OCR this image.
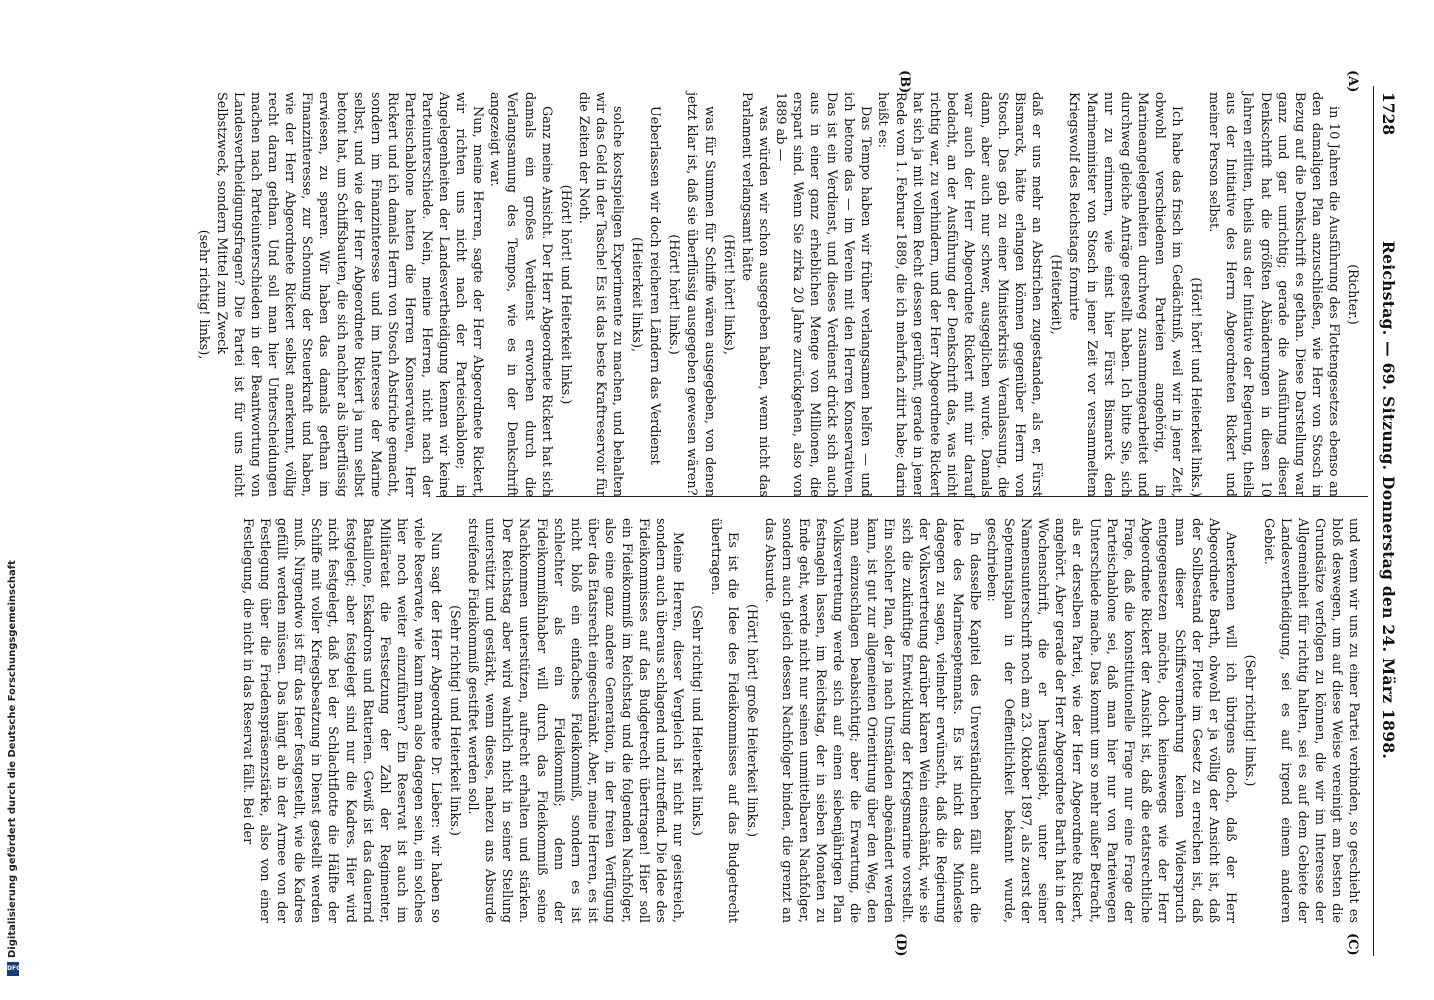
1728
Reichstag. — 69. Sitzung. Donnerstag den 24. März 1898.
(A)
(B)
(C)
(D)

(Richter.)

in 10 Jahren die Ausführung des Flottengesetzes ebenso an den damaligen Plan anzuschließen, wie Herr von Stosch in Bezug auf die Denkschrift es gethan. Diese Darstellung war ganz und gar unrichtig; gerade die Ausführung dieser Denkschrift hat die größten Abänderungen in diesen 10 Jahren erlitten, theils aus der Initiative der Regierung, theils aus der Initiative des Herrn Abgeordneten Rickert und meiner Person selbst.

(Hört! hört! und Heiterkeit links.)

Ich habe das frisch im Gedächtniß, weil wir in jener Zeit, obwohl verschiedenen Parteien angehörig, in Marineangelegenheiten durchweg zusammengearbeitet und durchweg gleiche Anträge gestellt haben. Ich bitte Sie, sich nur zu erinnern, wie einst hier Fürst Bismarck den Marineminister von Stosch in jener Zeit vor versammeltem Kriegswolf des Reichstags formirte

(Heiterkeit),

daß er uns mehr an Abstrichen zugestanden, als er, Fürst Bismarck, hätte erlangen können gegenüber Herrn von Stosch. Das gab zu einer Ministerkrisis Veranlassung, die dann, aber auch nur schwer, ausgeglichen wurde. Damals war auch der Herr Abgeordnete Rickert mit mir darauf bedacht, an der Ausführung der Denkschrift das, was nicht richtig war, zu verhindern, und der Herr Abgeordnete Rickert hat sich ja mit vollem Recht dessen gerühmt, gerade in jener Rede vom 1. Februar 1889, die ich mehrfach zitirt habe; darin heißt es:

Das Tempo haben wir früher verlangsamen helfen — und ich betone das — im Verein mit den Herren Konservativen. Das ist ein Verdienst, und dieses Verdienst drückt sich auch aus in einer ganz erheblichen Menge von Millionen, die erspart sind. Wenn Sie zirka 20 Jahre zurückgehen, also von 1889 ab —

was würden wir schon ausgegeben haben, wenn nicht das Parlament verlangsamt hätte

(Hört! hört! links),

was für Summen für Schiffe wären ausgegeben, von denen jetzt klar ist, daß sie überflüssig ausgegeben gewesen wären?

(Hört! hört! links.)

Ueberlassen wir doch reicheren Ländern das Verdienst

(Heiterkeit links),

solche kostspieligen Experimente zu machen, und behalten wir das Geld in der Tasche! Es ist das beste Kraftreservoir für die Zeiten der Noth.

(Hört! hört! und Heiterkeit links.)

Ganz meine Ansicht. Der Herr Abgeordnete Rickert hat sich damals ein großes Verdienst erworben durch die Verlangsamung des Tempos, wie es in der Denkschrift angezeigt war.

Nun, meine Herren, sagte der Herr Abgeordnete Rickert, wir richten uns nicht nach der Parteischablone; in Angelegenheiten der Landesvertheidigung kennen wir keine Parteiunterschiede. Nein, meine Herren, nicht nach der Parteischablone hatten die Herren Konservativen, Herr Rickert und ich damals Herrn von Stosch Abstriche gemacht, sondern im Finanzinteresse und im Interesse der Marine selbst, und wie der Herr Abgeordnete Rickert ja nun selbst betont hat, um Schiffsbauten, die sich nachher als überflüssig erwiesen, zu sparen. Wir haben das damals gethan im Finanzinteresse, zur Schonung der Steuerkraft und haben, wie der Herr Abgeordnete Rickert selbst anerkennt, völlig recht daran gethan. Und soll man hier Unterscheidungen machen nach Parteiunterschieden in der Beantwortung von Landesvertheidigungsfragen? Die Partei ist für uns nicht Selbstzweck, sondern Mittel zum Zweck

(sehr richtig! links),

und wenn wir uns zu einer Partei verbinden, so geschieht es bloß deswegen, um auf diese Weise vereinigt am besten die Grundsätze verfolgen zu können, die wir im Interesse der Allgemeinheit für richtig halten, sei es auf dem Gebiete der Landesvertheidigung, sei es auf irgend einem anderen Gebiet.

(Sehr richtig! links.)

Anerkennen will ich übrigens doch, daß der Herr Abgeordnete Barth, obwohl er ja völlig der Ansicht ist, daß der Sollbestand der Flotte im Gesetz zu erreichen ist, daß man dieser Schiffsvermehrung keinen Widerspruch entgegensetzen möchte, doch keineswegs wie der Herr Abgeordnete Rickert der Ansicht ist, daß die etatsrechtliche Frage, daß die konstitutionelle Frage nur eine Frage der Parteischablone sei, daß man hier nur von Parteiwegen Unterschiede mache. Das kommt um so mehr außer Betracht, als er derselben Partei, wie der Herr Abgeordnete Rickert, angehört. Aber gerade der Herr Abgeordnete Barth hat in der Wochenschrift, die er herausgiebt, unter seiner Namensunterschrift noch am 23. Oktober 1897, als zuerst der Septennatsplan in der Oeffentlichkeit bekannt wurde, geschrieben:

In dasselbe Kapitel des Unverständlichen fällt auch die Idee des Marineseptennats. Es ist nicht das Mindeste dagegen zu sagen, vielmehr erwünscht, daß die Regierung der Volksvertretung darüber klaren Wein einschänkt, wie sie sich die zukünftige Entwicklung der Kriegsmarine vorstellt. Ein solcher Plan, der ja nach Umständen abgeändert werden kann, ist gut zur allgemeinen Orientirung über den Weg, den man einzuschlagen beabsichtigt; aber die Erwartung, die Volksvertretung werde sich auf einen siebenjährigen Plan festnageln lassen, im Reichstag, der in sieben Monaten zu Ende geht, werde nicht nur seinen unmittelbaren Nachfolger, sondern auch gleich dessen Nachfolger binden, die grenzt an das Absurde.

(Hört! hört! große Heiterkeit links.)

Es ist die Idee des Fideikommisses auf das Budgetrecht übertragen.

(Sehr richtig! und Heiterkeit links.)

Meine Herren, dieser Vergleich ist nicht nur geistreich, sondern auch überaus schlagend und zutreffend. Die Idee des Fideikommisses auf das Budgetrecht übertragen! Hier soll ein Fideikommiß im Reichstag und die folgenden Nachfolger, also eine ganz andere Generation, in der freien Verfügung über das Etatsrecht eingeschränkt. Aber, meine Herren, es ist nicht bloß ein einfaches Fideikommiß, sondern es ist schlechter als ein Fideikommiß; denn der Fideikommißinhaber will durch das Fideikommiß seine Nachkommen unterstützen, aufrecht erhalten und stärken. Der Reichstag aber wird wahrlich nicht in seiner Stellung unterstützt und gestärkt, wenn dieses, nahezu ans Absurde streifende Fideikommiß gestiftet werden soll.

(Sehr richtig! und Heiterkeit links.)

Nun sagt der Herr Abgeordnete Dr. Lieber: wir haben so viele Reservate, wie kann man also dagegen sein, ein solches hier noch weiter einzuführen? Ein Reservat ist auch im Militäretat die Festsetzung der Zahl der Regimenter, Bataillone, Eskadrons und Batterien. Gewiß ist das dauernd festgelegt; aber festgelegt sind nur die Kadres. Hier wird nicht festgelegt, daß bei der Schlachtflotte die Hälfte der Schiffe mit voller Kriegsbesatzung in Dienst gestellt werden muß. Nirgendwo ist für das Heer festgestellt, wie die Kadres gefüllt werden müssen. Das hängt ab in der Armee von der Festlegung über die Friedenspräsenzstärke, also von einer Festlegung, die nicht in das Reservat fällt. Bei der

Digitalisierung gefördert durch die Deutsche Forschungsgemeinschaft
DFG
